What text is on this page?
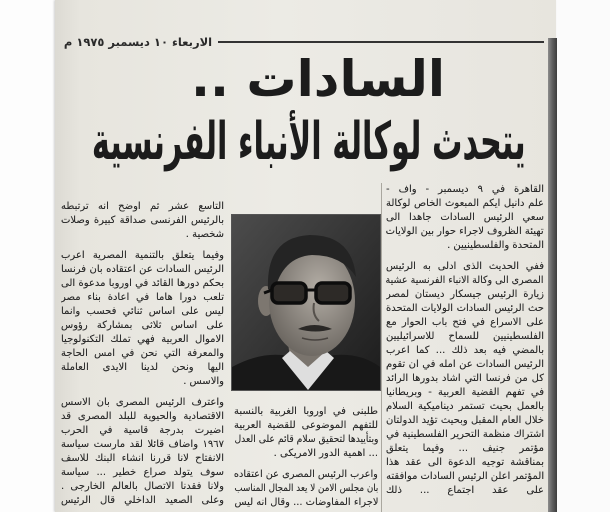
الاربعاء ١٠ ديسمبر ١٩٧٥ م
السادات ..
يتحدث لوكالة الأنباء الفرنسية
القاهرة في ٩ ديسمبر - واف -
علم دانيل ايكم المبعوث الخاص لوكالة
سعي الرئيس السادات جاهدا الى
تهيئة الظروف لاجراء حوار بين الولايات
المتحدة والفلسطينيين .
ففي الحديث الذى ادلى به الرئيس
المصرى الى وكالة الانباء الفرنسية عشية
زيارة الرئيس جيسكار ديستان لمصر
حث الرئيس السادات الولايات المتحدة
على الاسراع في فتح باب الحوار مع
الفلسطينيين للسماح للاسرائيليين
بالمضي فيه بعد ذلك ... كما اعرب
الرئيس السادات عن امله في ان تقوم
كل من فرنسا التي اشاد بدورها الرائد
في تفهم القضية العربية - وبريطانيا
بالعمل بحيث تستمر ديناميكية السلام
خلال العام المقبل وبحيث تؤيد الدولتان
اشتراك منظمة التحرير الفلسطينية في
مؤتمر جنيف ... وفيما يتعلق
بمناقشة توجيه الدعوة الى عقد هذا
المؤتمر اعلن الرئيس السادات موافقته
على عقد اجتماع ... ذلك
طلبنى في اوروبا الغربية بالنسبة
للتفهم الموضوعى للقضية العربية
وبتأييدها لتحقيق سلام قائم على العدل
... اهمية الدور الامريكى .
واعرب الرئيس المصرى عن اعتقاده
بان مجلس الامن لا يعد المجال المناسب
لاجراء المفاوضات ... وقال انه ليس
التاسع عشر ثم اوضح انه ترتبطه
بالرئيس الفرنسى صداقة كبيرة وصلات
شخصية .
وفيما يتعلق بالتنمية المصرية اعرب
الرئيس السادات عن اعتقاده بان فرنسا
بحكم دورها القائد في اوروبا مدعوة الى
تلعب دورا هاما في اعادة بناء مصر
ليس على اساس ثنائي فحسب وانما
على اساس ثلاثى بمشاركة رؤوس
الاموال العربية فهي تملك التكنولوجيا
والمعرفة التي نحن في امس الحاجة
اليها ونحن لدينا الايدى العاملة
والاسس .
واعترف الرئيس المصرى بان الاسس
الاقتصادية والحيوية للبلد المصرى قد
اضيرت بدرجة قاسية في الحرب
١٩٦٧ واضاف قائلا لقد مارست سياسة
الانفتاح لانا قررنا انشاء البنك للاسف
سوف يتولد صراع خطير ... سياسة
ولانا فقدنا الاتصال بالعالم الخارجى .
وعلى الصعيد الداخلي قال الرئيس
